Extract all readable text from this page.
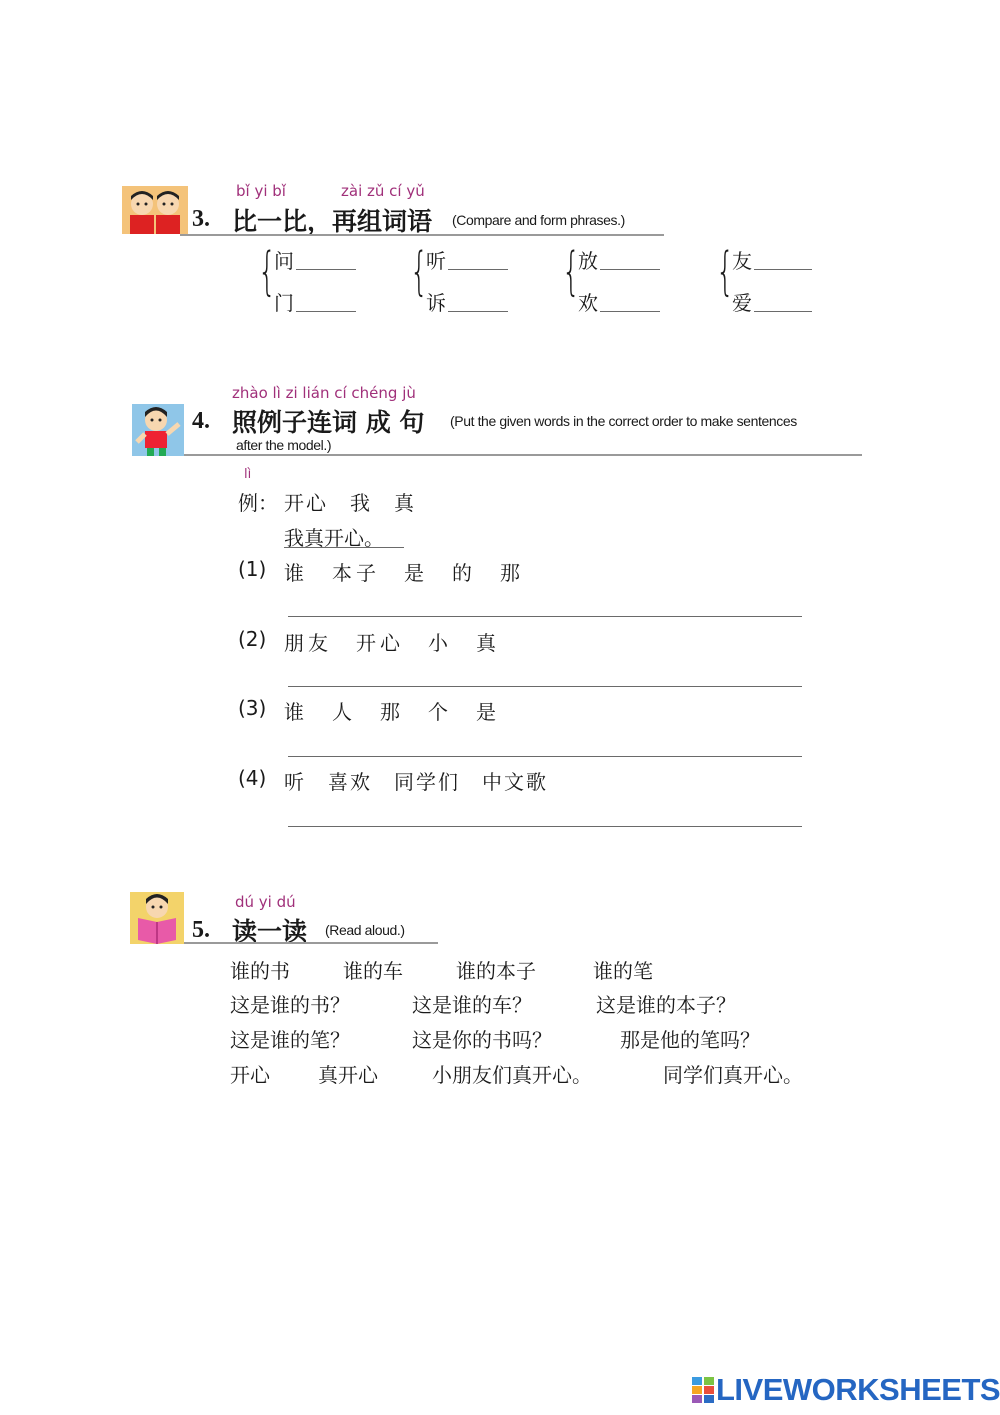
bǐ yi bǐ	zài zǔ cí yǔ
3. 比一比，再组词语 (Compare and form phrases.)
{
问
门
{
听
诉
{
放
欢
{
友
爱
zhào lì zi lián cí chéng jù
4. 照例子连词 成 句 (Put the given words in the correct order to make sentences
after the model.)
lì
例： 开心　我　真
我真开心。
(1) 谁　本子　是　的　那
(2) 朋友　开心　小　真
(3) 谁　人　那　个　是
(4) 听　喜欢　同学们　中文歌
dú yi dú
5. 读一读 (Read aloud.)
谁的书	谁的车	谁的本子	谁的笔
这是谁的书？	这是谁的车？	这是谁的本子？
这是谁的笔？	这是你的书吗？	那是他的笔吗？
开心 真开心	小朋友们真开心。	同学们真开心。
LIVEWORKSHEETS
